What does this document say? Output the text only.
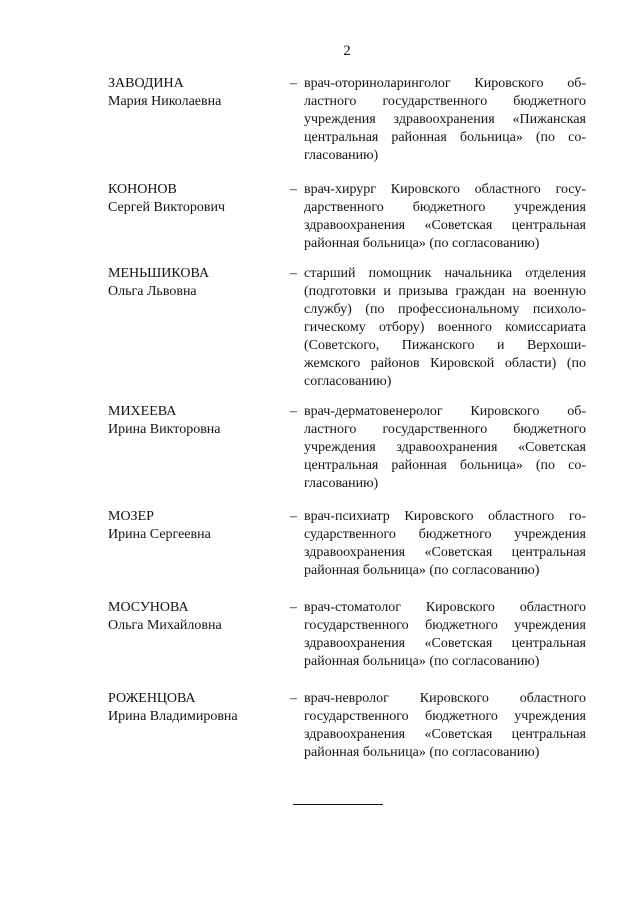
2
ЗАВОДИНА
Мария Николаевна
– врач-оториноларинголог Кировского об-
ластного государственного бюджетного
учреждения здравоохранения «Пижанская
центральная районная больница» (по со-
гласованию)
КОНОНОВ
Сергей Викторович
– врач-хирург Кировского областного госу-
дарственного бюджетного учреждения
здравоохранения «Советская центральная
районная больница» (по согласованию)
МЕНЬШИКОВА
Ольга Львовна
– старший помощник начальника отделения
(подготовки и призыва граждан на военную
службу) (по профессиональному психоло-
гическому отбору) военного комиссариата
(Советского, Пижанского и Верхоши-
жемского районов Кировской области) (по
согласованию)
МИХЕЕВА
Ирина Викторовна
– врач-дерматовенеролог Кировского об-
ластного государственного бюджетного
учреждения здравоохранения «Советская
центральная районная больница» (по со-
гласованию)
МОЗЕР
Ирина Сергеевна
– врач-психиатр Кировского областного го-
сударственного бюджетного учреждения
здравоохранения «Советская центральная
районная больница» (по согласованию)
МОСУНОВА
Ольга Михайловна
– врач-стоматолог Кировского областного
государственного бюджетного учреждения
здравоохранения «Советская центральная
районная больница» (по согласованию)
РОЖЕНЦОВА
Ирина Владимировна
– врач-невролог Кировского областного
государственного бюджетного учреждения
здравоохранения «Советская центральная
районная больница» (по согласованию)
